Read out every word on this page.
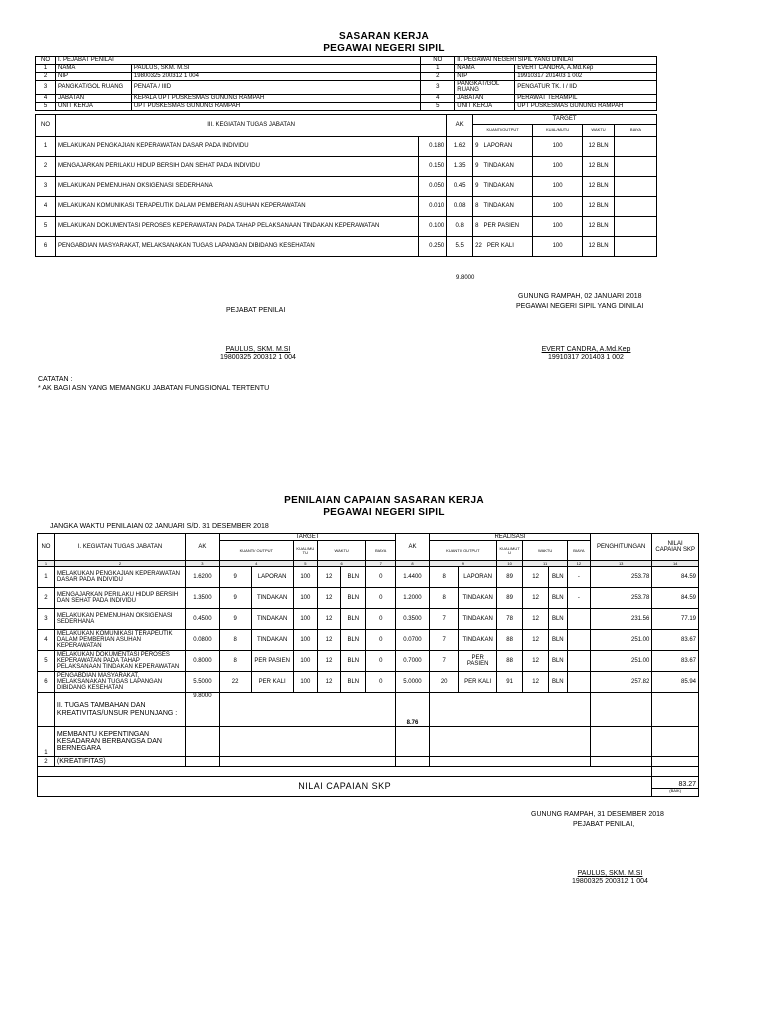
SASARAN KERJA
PEGAWAI NEGERI SIPIL
NO	I. PEJABAT PENILAI		NO	II. PEGAWAI NEGERI SIPIL YANG DINILAI	
1	NAMA	PAULUS, SKM. M.SI	1	NAMA	EVERT CANDRA, A.Md.Kep
2	NIP	19800325 200312 1 004	2	NIP	19910317 201403 1 002
3	PANGKAT/GOL RUANG	PENATA / IIID	3	PANGKAT/GOL RUANG	PENGATUR TK. I / IID
4	JABATAN	KEPALA UPT PUSKESMAS GUNUNG RAMPAH	4	JABATAN	PERAWAT TERAMPIL
5	UNIT KERJA	UPT PUSKESMAS GUNUNG RAMPAH	5	UNIT KERJA	UPT PUSKESMAS GUNUNG RAMPAH
NO	III. KEGIATAN TUGAS JABATAN		AK	TARGET			
				KUANTI/OUTPUT	KUAL/MUTU	WAKTU	BIAYA
1	MELAKUKAN PENGKAJIAN KEPERAWATAN DASAR PADA INDIVIDU	0.180	1.62	9 LAPORAN	100	12 BLN	
2	MENGAJARKAN PERILAKU HIDUP BERSIH DAN SEHAT PADA INDIVIDU	0.150	1.35	9 TINDAKAN	100	12 BLN	
3	MELAKUKAN PEMENUHAN OKSIGENASI SEDERHANA	0.050	0.45	9 TINDAKAN	100	12 BLN	
4	MELAKUKAN KOMUNIKASI TERAPEUTIK DALAM PEMBERIAN ASUHAN KEPERAWATAN	0.010	0.08	8 TINDAKAN	100	12 BLN	
5	MELAKUKAN DOKUMENTASI PEROSES KEPERAWATAN PADA TAHAP PELAKSANAAN TINDAKAN KEPERAWATAN	0.100	0.8	8 PER PASIEN	100	12 BLN	
6	PENGABDIAN MASYARAKAT, MELAKSANAKAN TUGAS LAPANGAN DIBIDANG KESEHATAN	0.250	5.5	22 PER KALI	100	12 BLN	
9.8000
GUNUNG RAMPAH, 02 JANUARI 2018
PEGAWAI NEGERI SIPIL YANG DINILAI
PEJABAT PENILAI
PAULUS, SKM. M.SI
19800325 200312 1 004
EVERT CANDRA, A.Md.Kep
19910317 201403 1 002
CATATAN :
* AK BAGI ASN YANG MEMANGKU JABATAN FUNGSIONAL TERTENTU
PENILAIAN CAPAIAN SASARAN KERJA
PEGAWAI NEGERI SIPIL
JANGKA WAKTU PENILAIAN 02 JANUARI S/D. 31 DESEMBER 2018
NO	I. KEGIATAN TUGAS JABATAN	AK	TARGET						AK	REALISASI						PENGHITUNGAN	NILAI CAPAIAN SKP
			KUANTI/ OUTPUT		KUAL/MU TU	WAKTU		BIAYA		KUANTI/ OUTPUT		KUAL/MUT U	WAKTU		BIAYA		
1	2	3	4		5	6		7	8	9		10	11		12	13	14
1	MELAKUKAN PENGKAJIAN KEPERAWATAN DASAR PADA INDIVIDU	1.6200	9	LAPORAN	100	12	BLN	0	1.4400	8	LAPORAN	89	12	BLN	-	253.78	84.59
2	MENGAJARKAN PERILAKU HIDUP BERSIH DAN SEHAT PADA INDIVIDU	1.3500	9	TINDAKAN	100	12	BLN	0	1.2000	8	TINDAKAN	89	12	BLN	-	253.78	84.59
3	MELAKUKAN PEMENUHAN OKSIGENASI SEDERHANA	0.4500	9	TINDAKAN	100	12	BLN	0	0.3500	7	TINDAKAN	78	12	BLN		231.56	77.19
4	MELAKUKAN KOMUNIKASI TERAPEUTIK DALAM PEMBERIAN ASUHAN KEPERAWATAN	0.0800	8	TINDAKAN	100	12	BLN	0	0.0700	7	TINDAKAN	88	12	BLN		251.00	83.67
5	MELAKUKAN DOKUMENTASI PEROSES KEPERAWATAN PADA TAHAP PELAKSANAAN TINDAKAN KEPERAWATAN	0.8000	8	PER PASIEN	100	12	BLN	0	0.7000	7	PER PASIEN	88	12	BLN		251.00	83.67
6	PENGABDIAN MASYARAKAT, MELAKSANAKAN TUGAS LAPANGAN DIBIDANG KESEHATAN	5.5000	22	PER KALI	100	12	BLN	0	5.0000	20	PER KALI	91	12	BLN		257.82	85.94
	II. TUGAS TAMBAHAN DAN KREATIVITAS/UNSUR PENUNJANG :	9.8000							8.76								
1	MEMBANTU KEPENTINGAN KESADARAN BERBANGSA DAN BERNEGARA																
2	(KREATIFITAS)																

NILAI CAPAIAN SKP																	83.27
(BAIK)
GUNUNG RAMPAH, 31 DESEMBER 2018
PEJABAT PENILAI,
PAULUS, SKM. M.SI
19800325 200312 1 004
